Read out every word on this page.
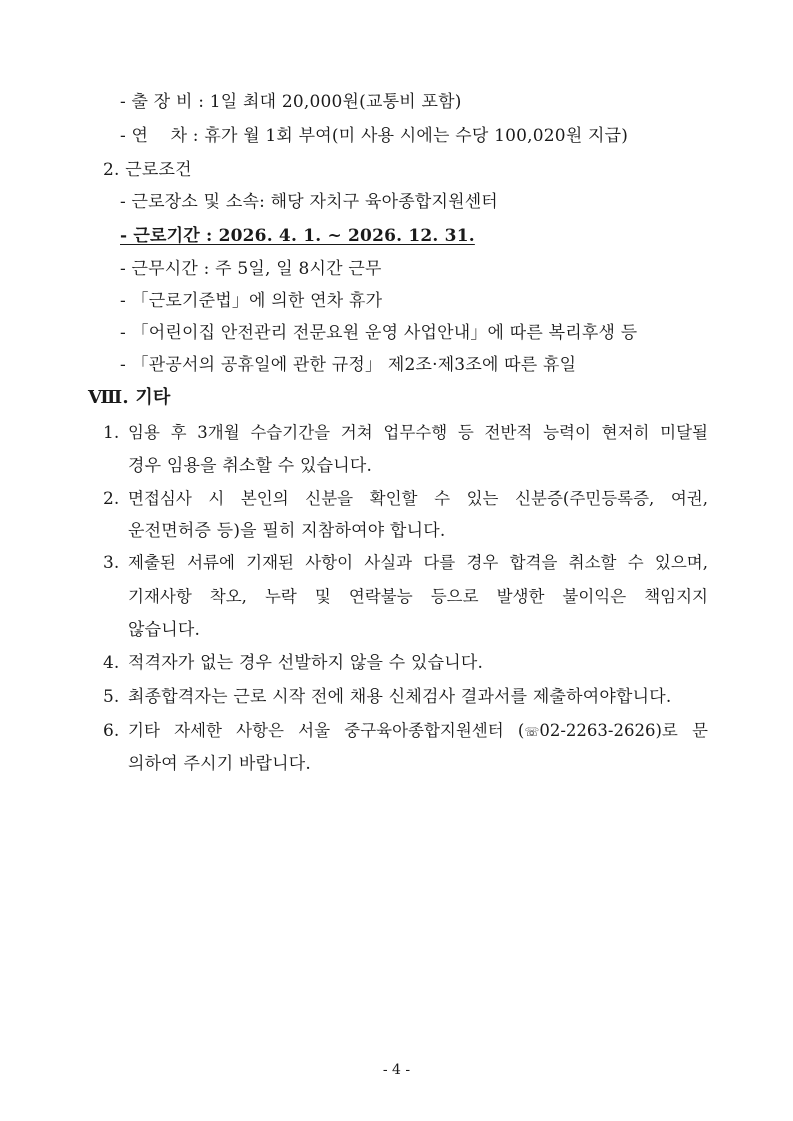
- 출 장 비 : 1일 최대 20,000원(교통비 포함)
- 연    차 : 휴가 월 1회 부여(미 사용 시에는 수당 100,020원 지급)
2. 근로조건
- 근로장소 및 소속: 해당 자치구 육아종합지원센터
- 근로기간 : 2026. 4. 1. ~ 2026. 12. 31.
- 근무시간 : 주 5일, 일 8시간 근무
- 「근로기준법」에 의한 연차 휴가
- 「어린이집 안전관리 전문요원 운영 사업안내」에 따른 복리후생 등
- 「관공서의 공휴일에 관한 규정」 제2조·제3조에 따른 휴일
Ⅷ. 기타
1. 임용 후 3개월 수습기간을 거쳐 업무수행 등 전반적 능력이 현저히 미달될
경우 임용을 취소할 수 있습니다.
2. 면접심사 시 본인의 신분을 확인할 수 있는 신분증(주민등록증, 여권,
운전면허증 등)을 필히 지참하여야 합니다.
3. 제출된 서류에 기재된 사항이 사실과 다를 경우 합격을 취소할 수 있으며,
기재사항 착오, 누락 및 연락불능 등으로 발생한 불이익은 책임지지
않습니다.
4. 적격자가 없는 경우 선발하지 않을 수 있습니다.
5. 최종합격자는 근로 시작 전에 채용 신체검사 결과서를 제출하여야합니다.
6. 기타 자세한 사항은 서울 중구육아종합지원센터 (☏02-2263-2626)로 문
의하여 주시기 바랍니다.
- 4 -
